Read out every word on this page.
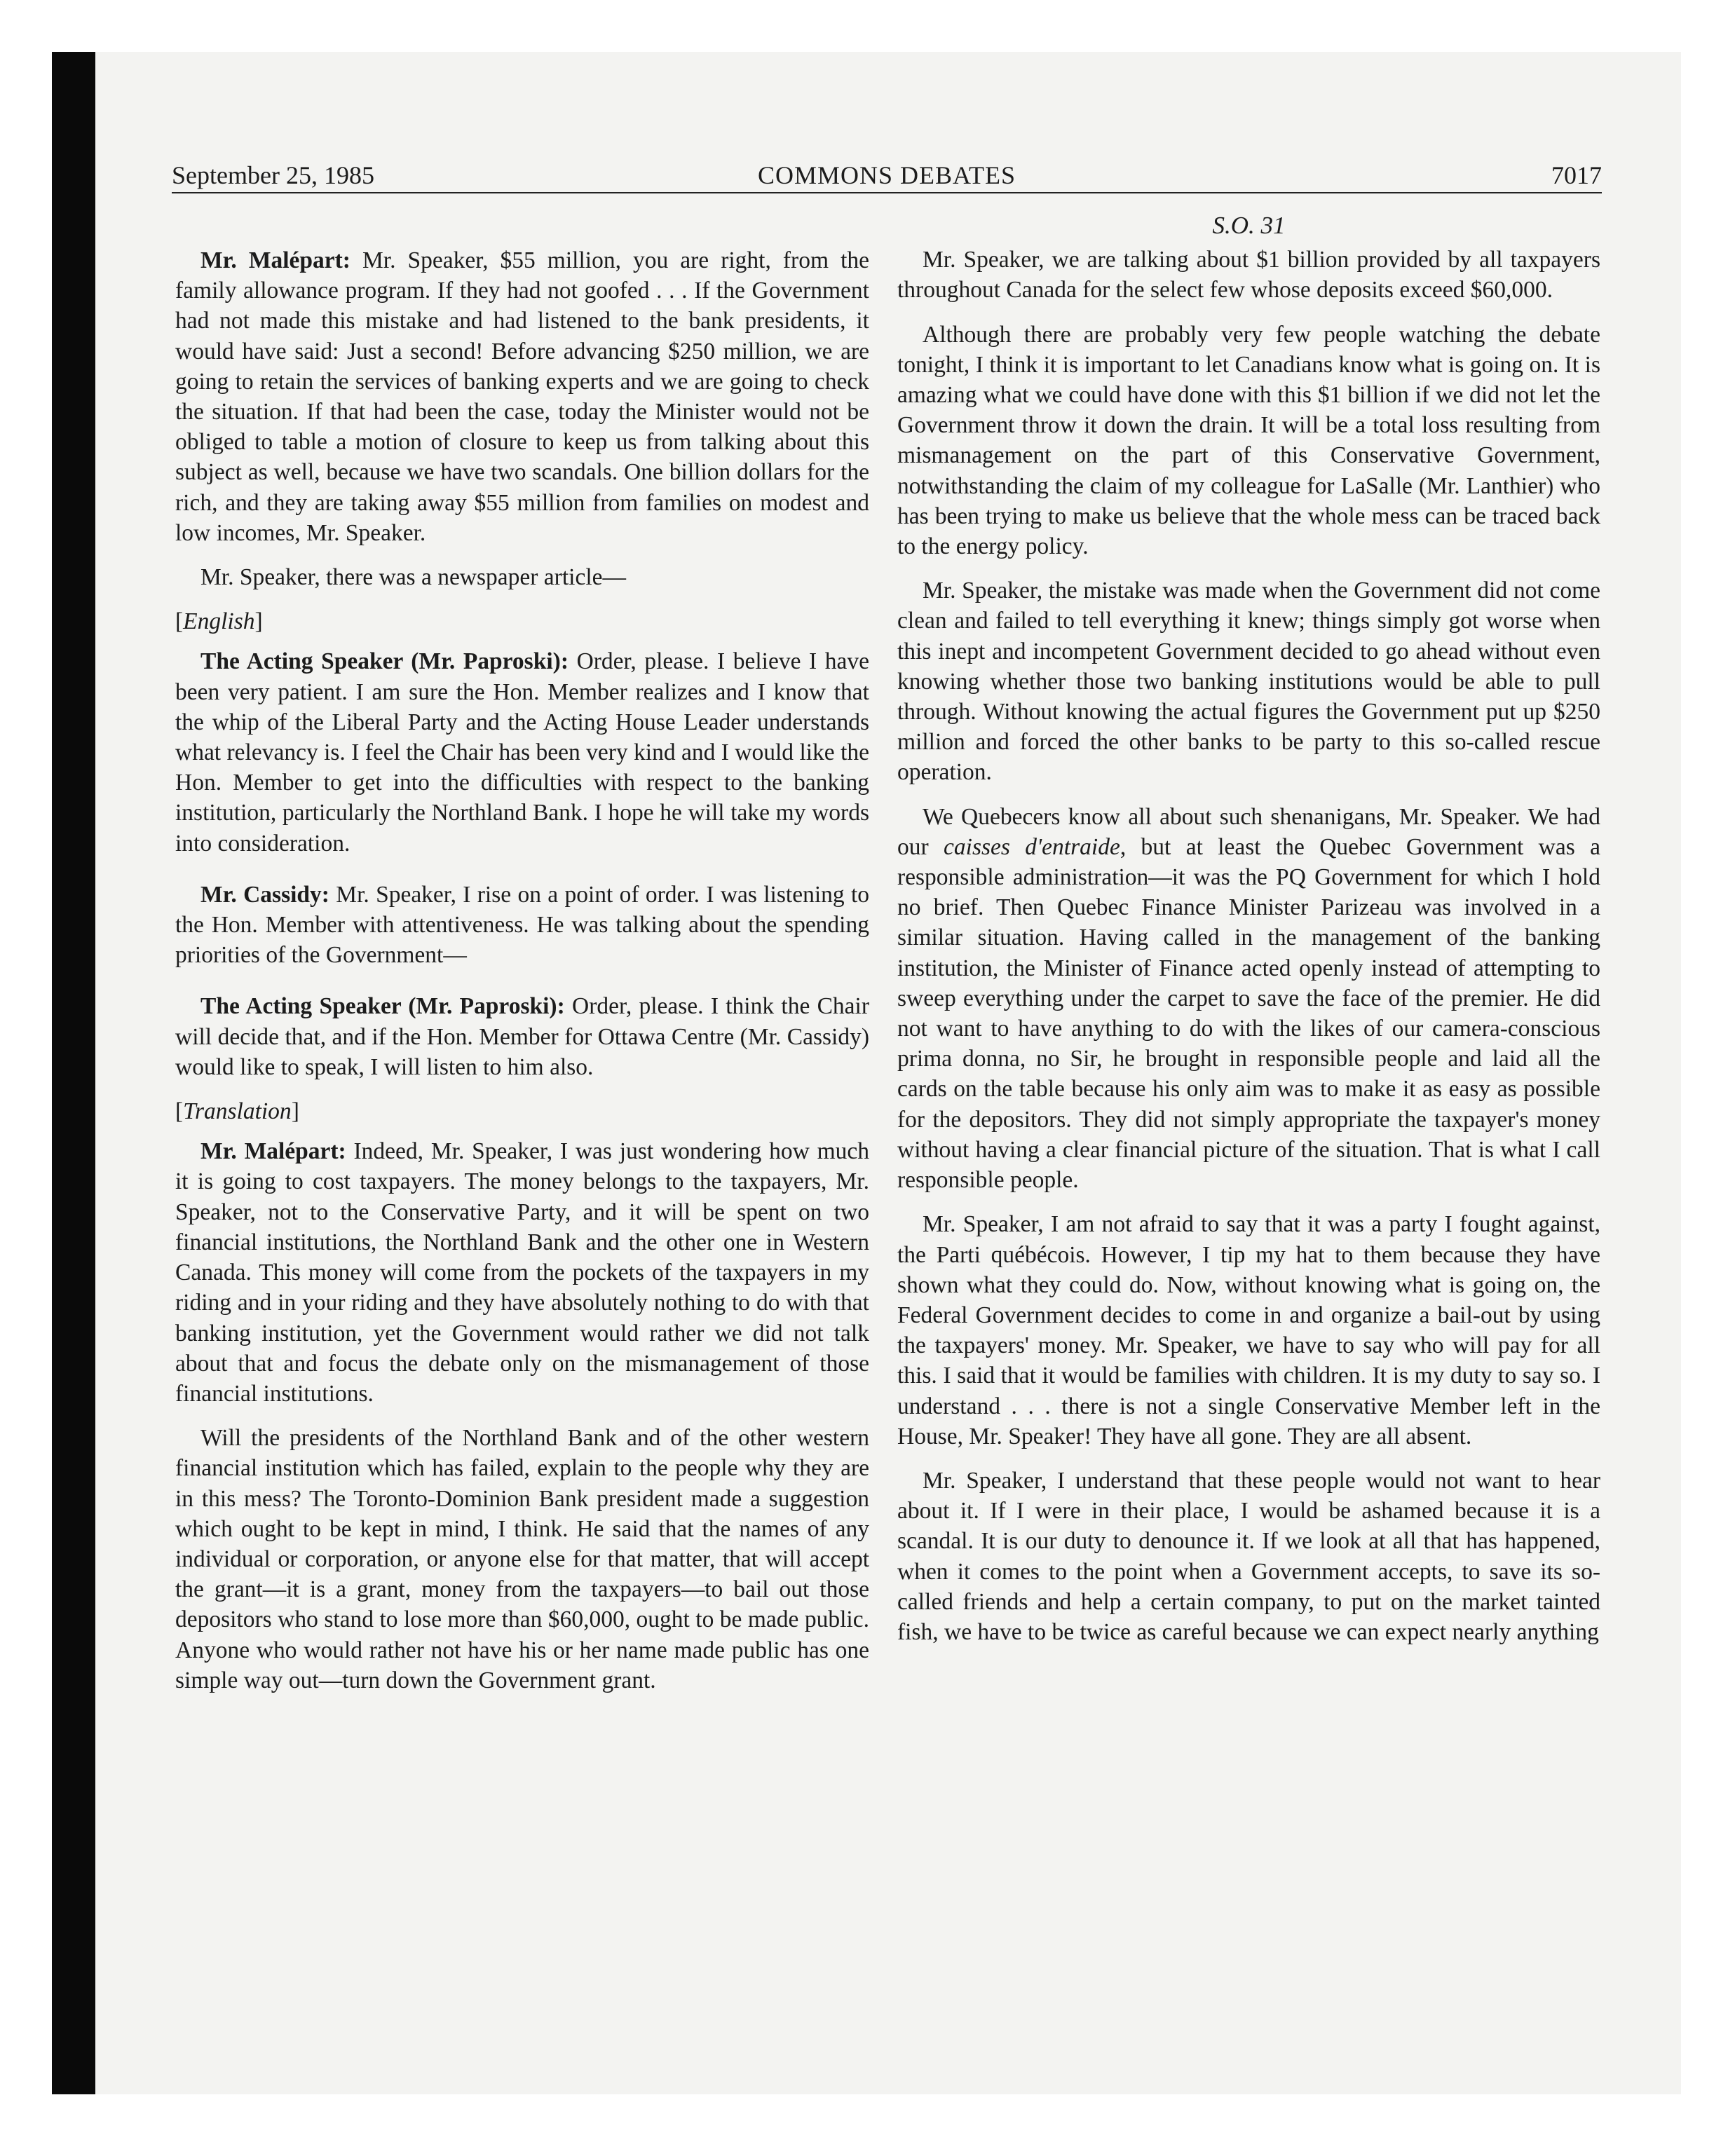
September 25, 1985	COMMONS DEBATES	7017

Mr. Malépart: Mr. Speaker, $55 million, you are right, from the family allowance program. If they had not goofed . . . If the Government had not made this mistake and had listened to the bank presidents, it would have said: Just a second! Before advancing $250 million, we are going to retain the services of banking experts and we are going to check the situation. If that had been the case, today the Minister would not be obliged to table a motion of closure to keep us from talking about this subject as well, because we have two scandals. One billion dollars for the rich, and they are taking away $55 million from families on modest and low incomes, Mr. Speaker.

Mr. Speaker, there was a newspaper article—

[English]

The Acting Speaker (Mr. Paproski): Order, please. I believe I have been very patient. I am sure the Hon. Member realizes and I know that the whip of the Liberal Party and the Acting House Leader understands what relevancy is. I feel the Chair has been very kind and I would like the Hon. Member to get into the difficulties with respect to the banking institution, particularly the Northland Bank. I hope he will take my words into consideration.

Mr. Cassidy: Mr. Speaker, I rise on a point of order. I was listening to the Hon. Member with attentiveness. He was talking about the spending priorities of the Government—

The Acting Speaker (Mr. Paproski): Order, please. I think the Chair will decide that, and if the Hon. Member for Ottawa Centre (Mr. Cassidy) would like to speak, I will listen to him also.

[Translation]

Mr. Malépart: Indeed, Mr. Speaker, I was just wondering how much it is going to cost taxpayers. The money belongs to the taxpayers, Mr. Speaker, not to the Conservative Party, and it will be spent on two financial institutions, the Northland Bank and the other one in Western Canada. This money will come from the pockets of the taxpayers in my riding and in your riding and they have absolutely nothing to do with that banking institution, yet the Government would rather we did not talk about that and focus the debate only on the mismanagement of those financial institutions.

Will the presidents of the Northland Bank and of the other western financial institution which has failed, explain to the people why they are in this mess? The Toronto-Dominion Bank president made a suggestion which ought to be kept in mind, I think. He said that the names of any individual or corporation, or anyone else for that matter, that will accept the grant—it is a grant, money from the taxpayers—to bail out those depositors who stand to lose more than $60,000, ought to be made public. Anyone who would rather not have his or her name made public has one simple way out—turn down the Government grant.

S.O. 31

Mr. Speaker, we are talking about $1 billion provided by all taxpayers throughout Canada for the select few whose deposits exceed $60,000.

Although there are probably very few people watching the debate tonight, I think it is important to let Canadians know what is going on. It is amazing what we could have done with this $1 billion if we did not let the Government throw it down the drain. It will be a total loss resulting from mismanagement on the part of this Conservative Government, notwithstanding the claim of my colleague for LaSalle (Mr. Lanthier) who has been trying to make us believe that the whole mess can be traced back to the energy policy.

Mr. Speaker, the mistake was made when the Government did not come clean and failed to tell everything it knew; things simply got worse when this inept and incompetent Government decided to go ahead without even knowing whether those two banking institutions would be able to pull through. Without knowing the actual figures the Government put up $250 million and forced the other banks to be party to this so-called rescue operation.

We Quebecers know all about such shenanigans, Mr. Speaker. We had our caisses d'entraide, but at least the Quebec Government was a responsible administration—it was the PQ Government for which I hold no brief. Then Quebec Finance Minister Parizeau was involved in a similar situation. Having called in the management of the banking institution, the Minister of Finance acted openly instead of attempting to sweep everything under the carpet to save the face of the premier. He did not want to have anything to do with the likes of our camera-conscious prima donna, no Sir, he brought in responsible people and laid all the cards on the table because his only aim was to make it as easy as possible for the depositors. They did not simply appropriate the taxpayer's money without having a clear financial picture of the situation. That is what I call responsible people.

Mr. Speaker, I am not afraid to say that it was a party I fought against, the Parti québécois. However, I tip my hat to them because they have shown what they could do. Now, without knowing what is going on, the Federal Government decides to come in and organize a bail-out by using the taxpayers' money. Mr. Speaker, we have to say who will pay for all this. I said that it would be families with children. It is my duty to say so. I understand . . . there is not a single Conservative Member left in the House, Mr. Speaker! They have all gone. They are all absent.

Mr. Speaker, I understand that these people would not want to hear about it. If I were in their place, I would be ashamed because it is a scandal. It is our duty to denounce it. If we look at all that has happened, when it comes to the point when a Government accepts, to save its so-called friends and help a certain company, to put on the market tainted fish, we have to be twice as careful because we can expect nearly anything
